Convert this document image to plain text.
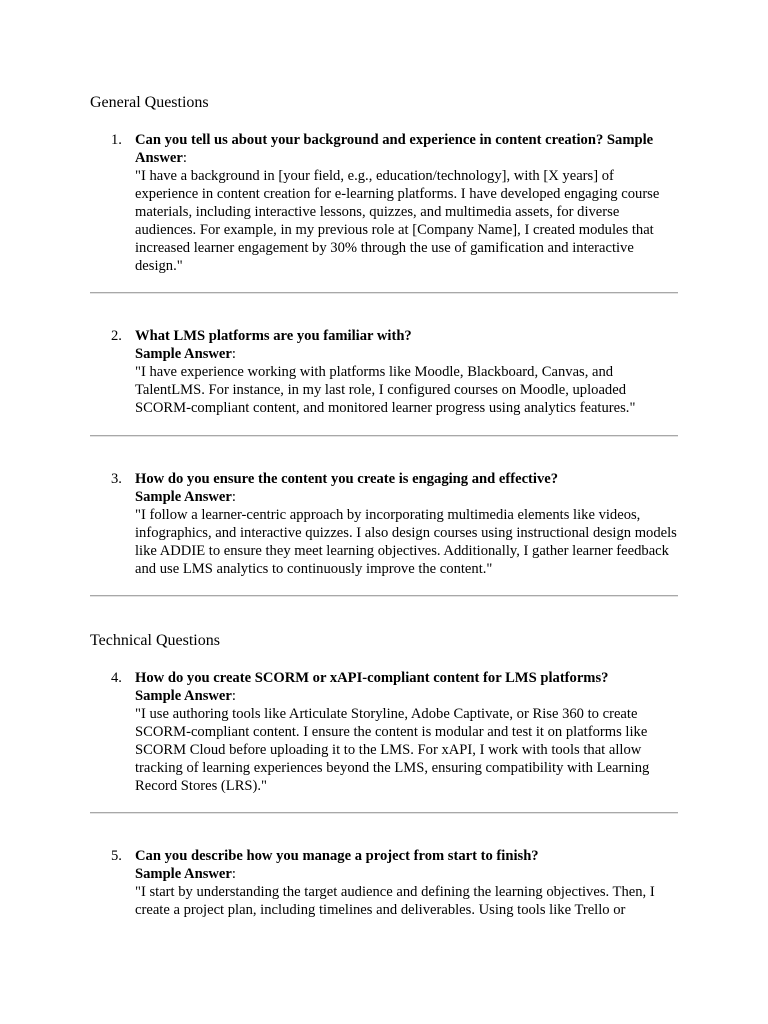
General Questions
1. Can you tell us about your background and experience in content creation? Sample Answer:
"I have a background in [your field, e.g., education/technology], with [X years] of experience in content creation for e-learning platforms. I have developed engaging course materials, including interactive lessons, quizzes, and multimedia assets, for diverse audiences. For example, in my previous role at [Company Name], I created modules that increased learner engagement by 30% through the use of gamification and interactive design."
2. What LMS platforms are you familiar with?
Sample Answer:
"I have experience working with platforms like Moodle, Blackboard, Canvas, and TalentLMS. For instance, in my last role, I configured courses on Moodle, uploaded SCORM-compliant content, and monitored learner progress using analytics features."
3. How do you ensure the content you create is engaging and effective?
Sample Answer:
"I follow a learner-centric approach by incorporating multimedia elements like videos, infographics, and interactive quizzes. I also design courses using instructional design models like ADDIE to ensure they meet learning objectives. Additionally, I gather learner feedback and use LMS analytics to continuously improve the content."
Technical Questions
4. How do you create SCORM or xAPI-compliant content for LMS platforms?
Sample Answer:
"I use authoring tools like Articulate Storyline, Adobe Captivate, or Rise 360 to create SCORM-compliant content. I ensure the content is modular and test it on platforms like SCORM Cloud before uploading it to the LMS. For xAPI, I work with tools that allow tracking of learning experiences beyond the LMS, ensuring compatibility with Learning Record Stores (LRS)."
5. Can you describe how you manage a project from start to finish?
Sample Answer:
"I start by understanding the target audience and defining the learning objectives. Then, I create a project plan, including timelines and deliverables. Using tools like Trello or
